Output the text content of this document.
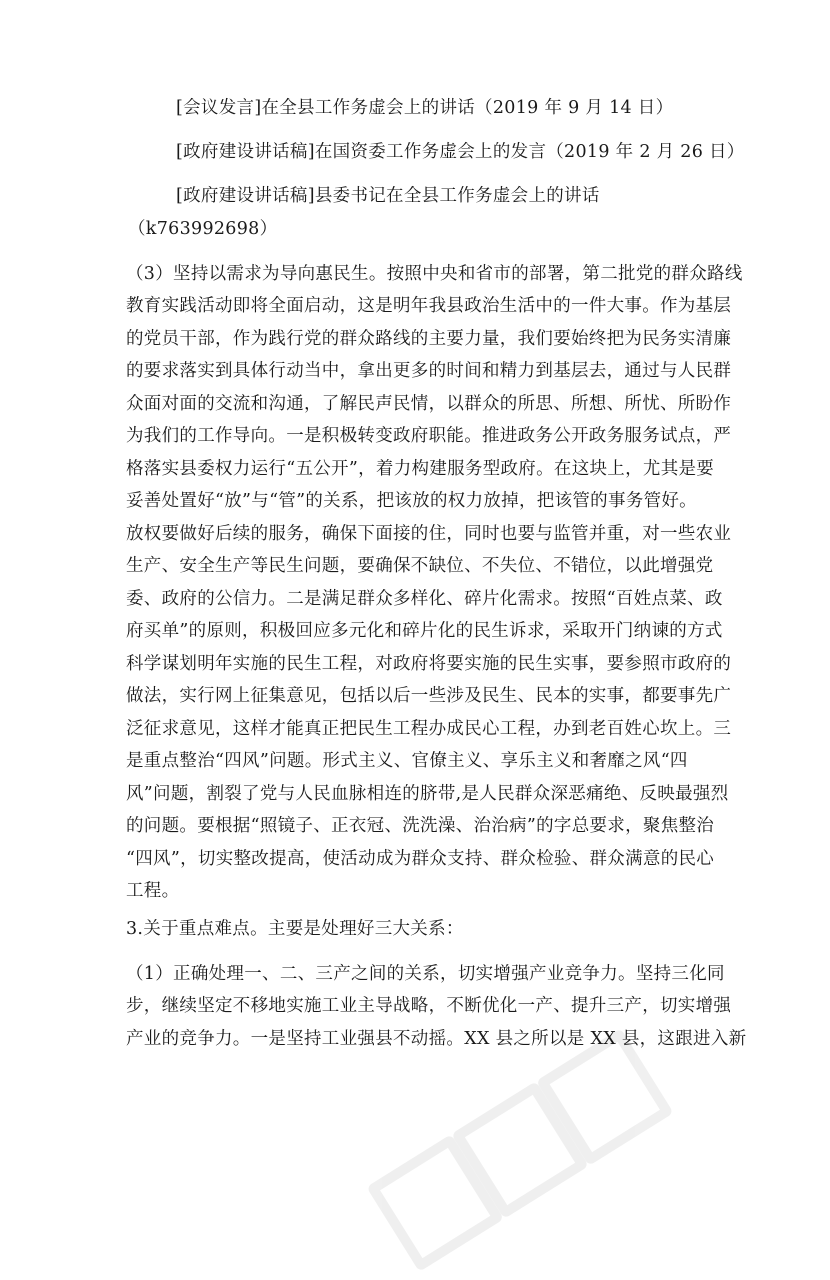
[会议发言]在全县工作务虚会上的讲话（2019 年 9 月 14 日）
[政府建设讲话稿]在国资委工作务虚会上的发言（2019 年 2 月 26 日）
[政府建设讲话稿]县委书记在全县工作务虚会上的讲话
（k763992698）
（3）坚持以需求为导向惠民生。按照中央和省市的部署，第二批党的群众路线
教育实践活动即将全面启动，这是明年我县政治生活中的一件大事。作为基层
的党员干部，作为践行党的群众路线的主要力量，我们要始终把为民务实清廉
的要求落实到具体行动当中，拿出更多的时间和精力到基层去，通过与人民群
众面对面的交流和沟通，了解民声民情，以群众的所思、所想、所忧、所盼作
为我们的工作导向。一是积极转变政府职能。推进政务公开政务服务试点，严
格落实县委权力运行“五公开”，着力构建服务型政府。在这块上，尤其是要
妥善处置好“放”与“管”的关系，把该放的权力放掉，把该管的事务管好。
放权要做好后续的服务，确保下面接的住，同时也要与监管并重，对一些农业
生产、安全生产等民生问题，要确保不缺位、不失位、不错位，以此增强党
委、政府的公信力。二是满足群众多样化、碎片化需求。按照“百姓点菜、政
府买单”的原则，积极回应多元化和碎片化的民生诉求，采取开门纳谏的方式
科学谋划明年实施的民生工程，对政府将要实施的民生实事，要参照市政府的
做法，实行网上征集意见，包括以后一些涉及民生、民本的实事，都要事先广
泛征求意见，这样才能真正把民生工程办成民心工程，办到老百姓心坎上。三
是重点整治“四风”问题。形式主义、官僚主义、享乐主义和奢靡之风“四
风”问题，割裂了党与人民血脉相连的脐带,是人民群众深恶痛绝、反映最强烈
的问题。要根据“照镜子、正衣冠、洗洗澡、治治病”的字总要求，聚焦整治
“四风”，切实整改提高，使活动成为群众支持、群众检验、群众满意的民心
工程。
3.关于重点难点。主要是处理好三大关系：
（1）正确处理一、二、三产之间的关系，切实增强产业竞争力。坚持三化同
步，继续坚定不移地实施工业主导战略，不断优化一产、提升三产，切实增强
产业的竞争力。一是坚持工业强县不动摇。XX 县之所以是 XX 县，这跟进入新
